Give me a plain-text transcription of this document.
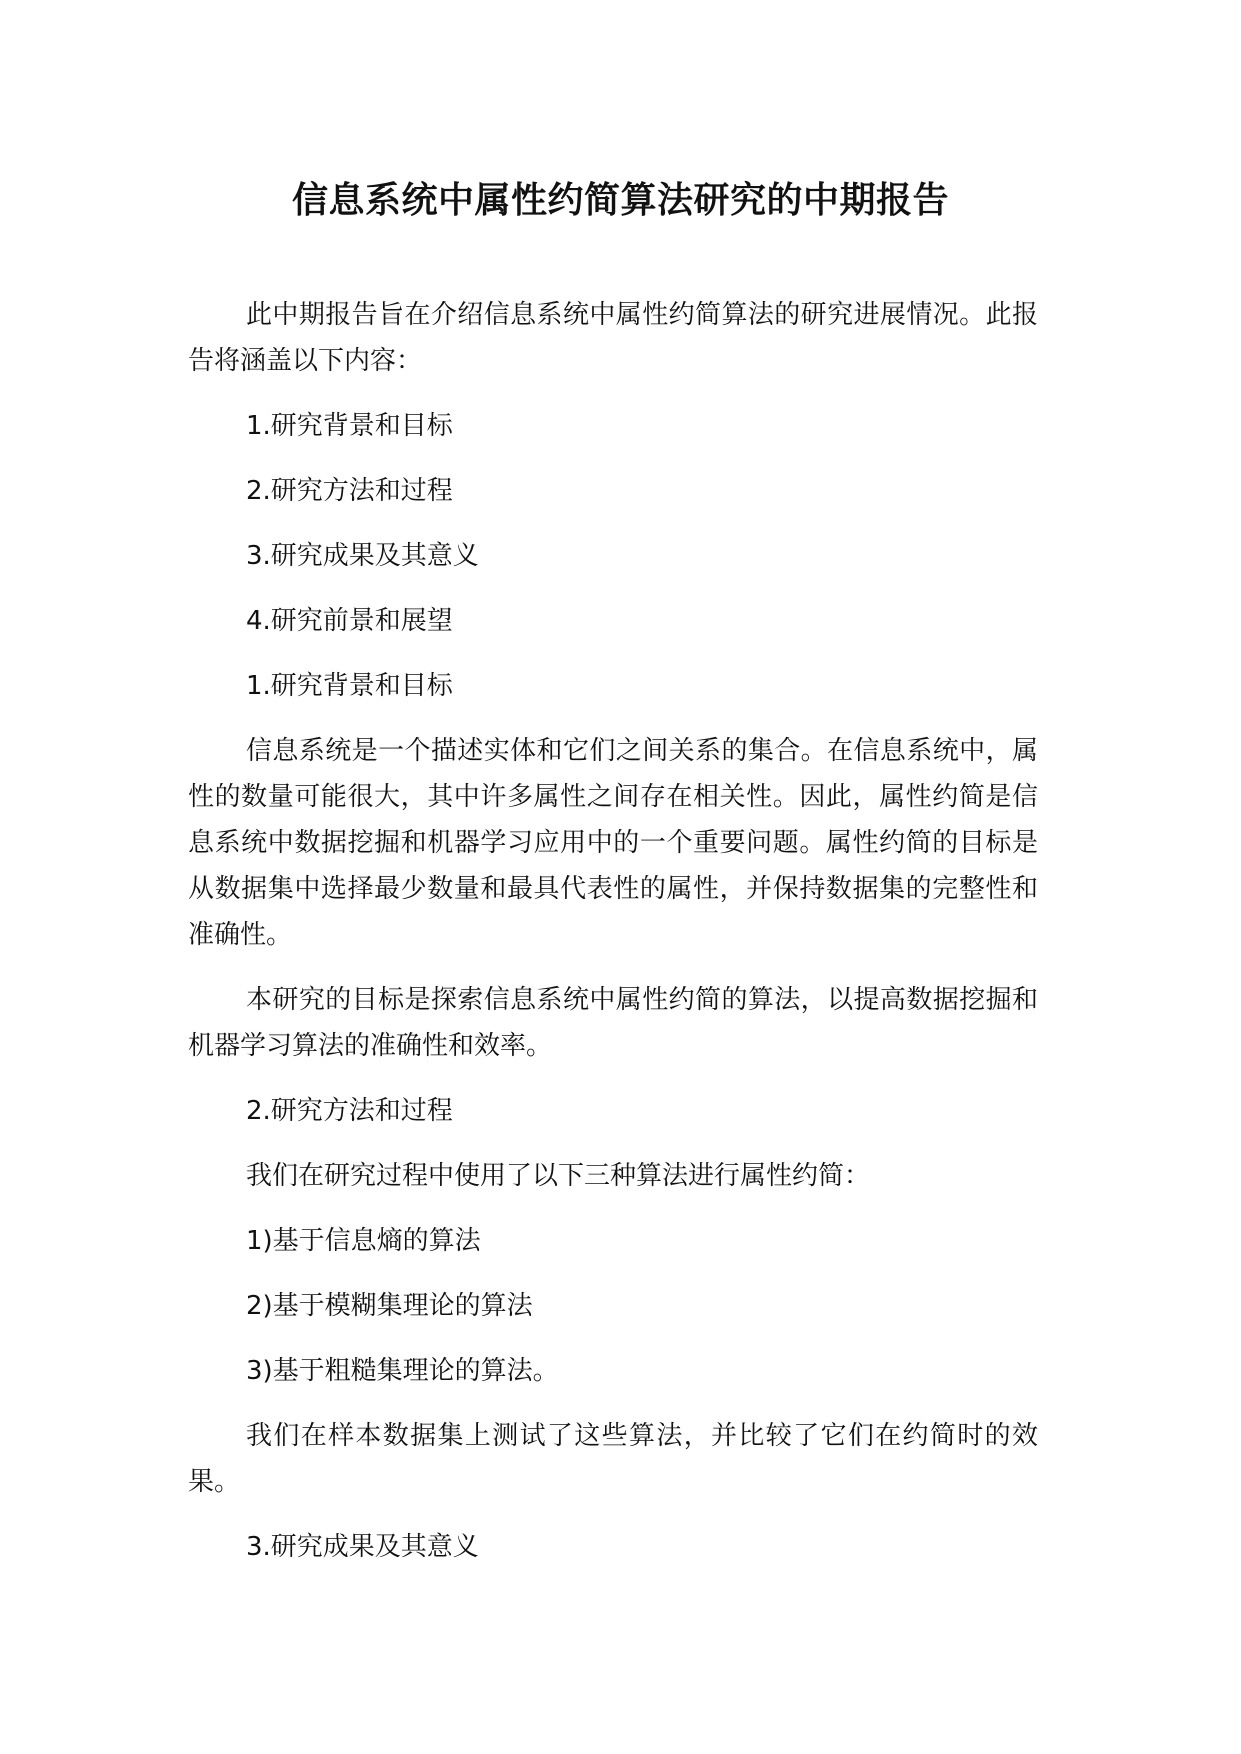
信息系统中属性约简算法研究的中期报告

此中期报告旨在介绍信息系统中属性约简算法的研究进展情况。此报告将涵盖以下内容：

1.研究背景和目标

2.研究方法和过程

3.研究成果及其意义

4.研究前景和展望

1.研究背景和目标

信息系统是一个描述实体和它们之间关系的集合。在信息系统中，属性的数量可能很大，其中许多属性之间存在相关性。因此，属性约简是信息系统中数据挖掘和机器学习应用中的一个重要问题。属性约简的目标是从数据集中选择最少数量和最具代表性的属性，并保持数据集的完整性和准确性。

本研究的目标是探索信息系统中属性约简的算法，以提高数据挖掘和机器学习算法的准确性和效率。

2.研究方法和过程

我们在研究过程中使用了以下三种算法进行属性约简：

1)基于信息熵的算法

2)基于模糊集理论的算法

3)基于粗糙集理论的算法。

我们在样本数据集上测试了这些算法，并比较了它们在约简时的效果。

3.研究成果及其意义
